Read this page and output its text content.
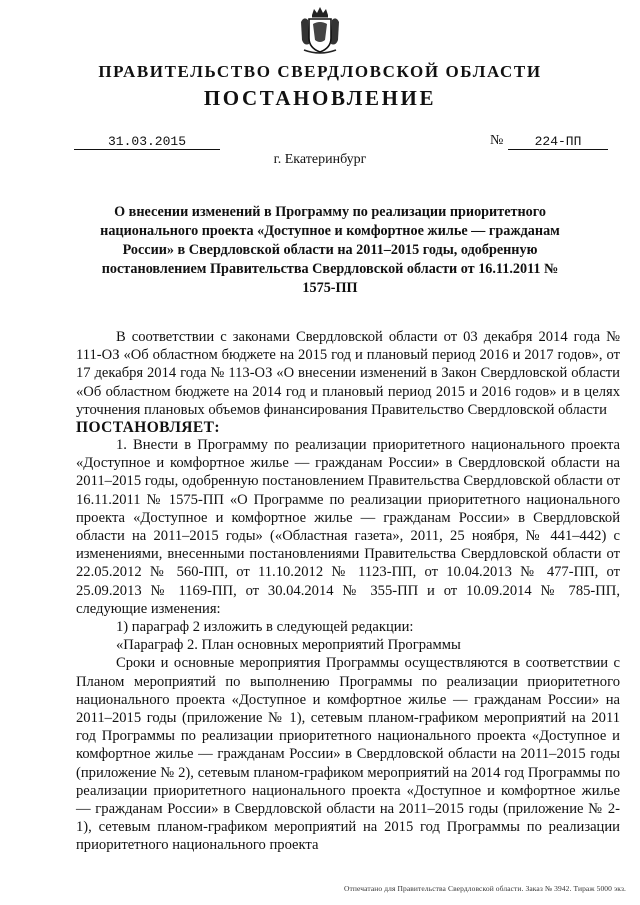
ПРАВИТЕЛЬСТВО СВЕРДЛОВСКОЙ ОБЛАСТИ
ПОСТАНОВЛЕНИЕ
31.03.2015	№	224-ПП
г. Екатеринбург
О внесении изменений в Программу по реализации приоритетного национального проекта «Доступное и комфортное жилье — гражданам России» в Свердловской области на 2011–2015 годы, одобренную постановлением Правительства Свердловской области от 16.11.2011 № 1575-ПП

В соответствии с законами Свердловской области от 03 декабря 2014 года № 111-ОЗ «Об областном бюджете на 2015 год и плановый период 2016 и 2017 годов», от 17 декабря 2014 года № 113-ОЗ «О внесении изменений в Закон Свердловской области «Об областном бюджете на 2014 год и плановый период 2015 и 2016 годов» и в целях уточнения плановых объемов финансирования Правительство Свердловской области

ПОСТАНОВЛЯЕТ:

1. Внести в Программу по реализации приоритетного национального проекта «Доступное и комфортное жилье — гражданам России» в Свердловской области на 2011–2015 годы, одобренную постановлением Правительства Свердловской области от 16.11.2011 № 1575-ПП «О Программе по реализации приоритетного национального проекта «Доступное и комфортное жилье — гражданам России» в Свердловской области на 2011–2015 годы» («Областная газета», 2011, 25 ноября, № 441–442) с изменениями, внесенными постановлениями Правительства Свердловской области от 22.05.2012 № 560-ПП, от 11.10.2012 № 1123-ПП, от 10.04.2013 № 477-ПП, от 25.09.2013 № 1169-ПП, от 30.04.2014 № 355-ПП и от 10.09.2014 № 785-ПП, следующие изменения:

1) параграф 2 изложить в следующей редакции:

«Параграф 2. План основных мероприятий Программы

Сроки и основные мероприятия Программы осуществляются в соответствии с Планом мероприятий по выполнению Программы по реализации приоритетного национального проекта «Доступное и комфортное жилье — гражданам России» на 2011–2015 годы (приложение № 1), сетевым планом-графиком мероприятий на 2011 год Программы по реализации приоритетного национального проекта «Доступное и комфортное жилье — гражданам России» в Свердловской области на 2011–2015 годы (приложение № 2), сетевым планом-графиком мероприятий на 2014 год Программы по реализации приоритетного национального проекта «Доступное и комфортное жилье — гражданам России» в Свердловской области на 2011–2015 годы (приложение № 2-1), сетевым планом-графиком мероприятий на 2015 год Программы по реализации приоритетного национального проекта

Отпечатано для Правительства Свердловской области. Заказ № 3942. Тираж 5000 экз.
